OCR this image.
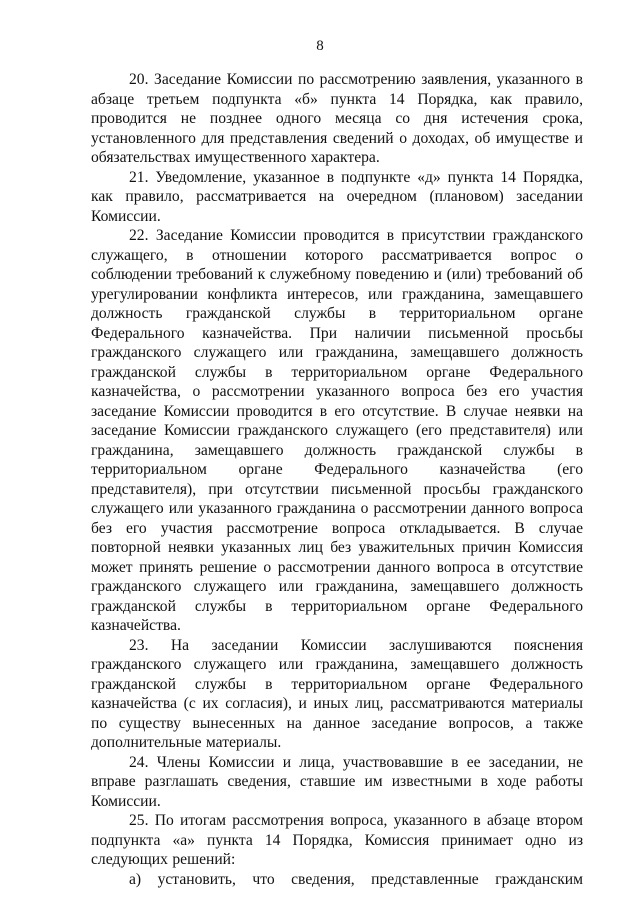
8

20. Заседание Комиссии по рассмотрению заявления, указанного в абзаце третьем подпункта «б» пункта 14 Порядка, как правило, проводится не позднее одного месяца со дня истечения срока, установленного для представления сведений о доходах, об имуществе и обязательствах имущественного характера.

21. Уведомление, указанное в подпункте «д» пункта 14 Порядка, как правило, рассматривается на очередном (плановом) заседании Комиссии.

22. Заседание Комиссии проводится в присутствии гражданского служащего, в отношении которого рассматривается вопрос о соблюдении требований к служебному поведению и (или) требований об урегулировании конфликта интересов, или гражданина, замещавшего должность гражданской службы в территориальном органе Федерального казначейства. При наличии письменной просьбы гражданского служащего или гражданина, замещавшего должность гражданской службы в территориальном органе Федерального казначейства, о рассмотрении указанного вопроса без его участия заседание Комиссии проводится в его отсутствие. В случае неявки на заседание Комиссии гражданского служащего (его представителя) или гражданина, замещавшего должность гражданской службы в территориальном органе Федерального казначейства (его представителя), при отсутствии письменной просьбы гражданского служащего или указанного гражданина о рассмотрении данного вопроса без его участия рассмотрение вопроса откладывается. В случае повторной неявки указанных лиц без уважительных причин Комиссия может принять решение о рассмотрении данного вопроса в отсутствие гражданского служащего или гражданина, замещавшего должность гражданской службы в территориальном органе Федерального казначейства.

23. На заседании Комиссии заслушиваются пояснения гражданского служащего или гражданина, замещавшего должность гражданской службы в территориальном органе Федерального казначейства (с их согласия), и иных лиц, рассматриваются материалы по существу вынесенных на данное заседание вопросов, а также дополнительные материалы.

24. Члены Комиссии и лица, участвовавшие в ее заседании, не вправе разглашать сведения, ставшие им известными в ходе работы Комиссии.

25. По итогам рассмотрения вопроса, указанного в абзаце втором подпункта «а» пункта 14 Порядка, Комиссия принимает одно из следующих решений:

а) установить, что сведения, представленные гражданским
